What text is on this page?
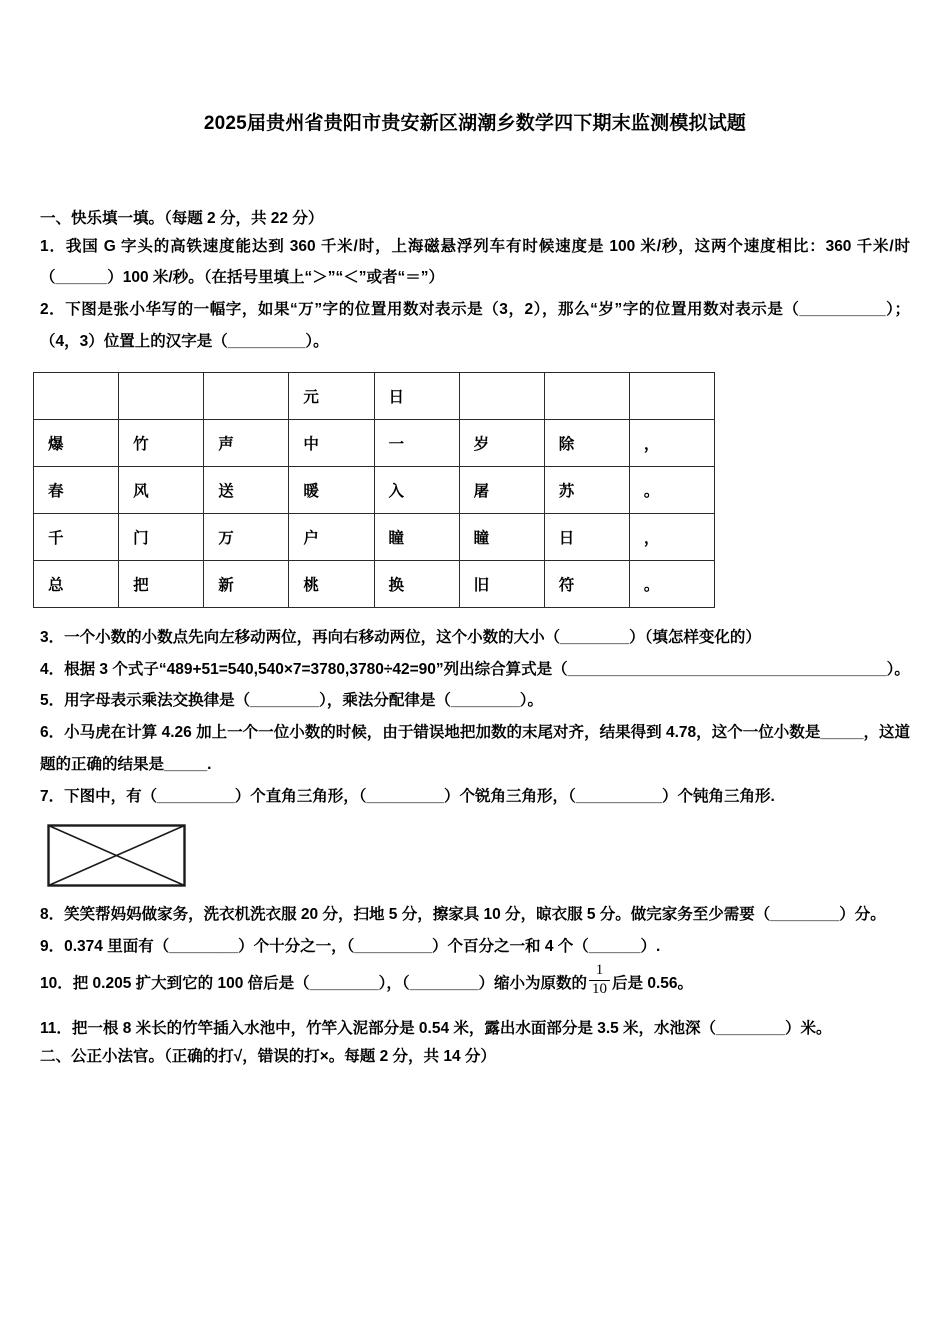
2025届贵州省贵阳市贵安新区湖潮乡数学四下期末监测模拟试题
一、快乐填一填。（每题 2 分，共 22 分）
1．我国 G 字头的高铁速度能达到 360 千米/时，上海磁悬浮列车有时候速度是 100 米/秒，这两个速度相比：360 千米/时（______）100 米/秒。（在括号里填上“＞”“＜”或者“＝”）
2．下图是张小华写的一幅字，如果“万”字的位置用数对表示是（3，2），那么“岁”字的位置用数对表示是（__________）；（4，3）位置上的汉字是（_________）。
			元	日			
爆	竹	声	中	一	岁	除	，
春	风	送	暖	入	屠	苏	。
千	门	万	户	瞳	瞳	日	，
总	把	新	桃	换	旧	符	。
3．一个小数的小数点先向左移动两位，再向右移动两位，这个小数的大小（________）（填怎样变化的）
4．根据 3 个式子“489+51=540,540×7=3780,3780÷42=90”列出综合算式是（_____________________________________）。
5．用字母表示乘法交换律是（________），乘法分配律是（________）。
6．小马虎在计算 4.26 加上一个一位小数的时候，由于错误地把加数的末尾对齐，结果得到 4.78，这个一位小数是_____，这道题的正确的结果是_____.
7．下图中，有（_________）个直角三角形，（_________）个锐角三角形，（__________）个钝角三角形.
8．笑笑帮妈妈做家务，洗衣机洗衣服 20 分，扫地 5 分，擦家具 10 分，晾衣服 5 分。做完家务至少需要（________）分。
9．0.374 里面有（________）个十分之一，（_________）个百分之一和 4 个（______）.
10．把 0.205 扩大到它的 100 倍后是（________），（________）缩小为原数的 $\frac{1}{10}$ 后是 0.56。
11．把一根 8 米长的竹竿插入水池中，竹竿入泥部分是 0.54 米，露出水面部分是 3.5 米，水池深（________）米。
二、公正小法官。（正确的打√，错误的打×。每题 2 分，共 14 分）
